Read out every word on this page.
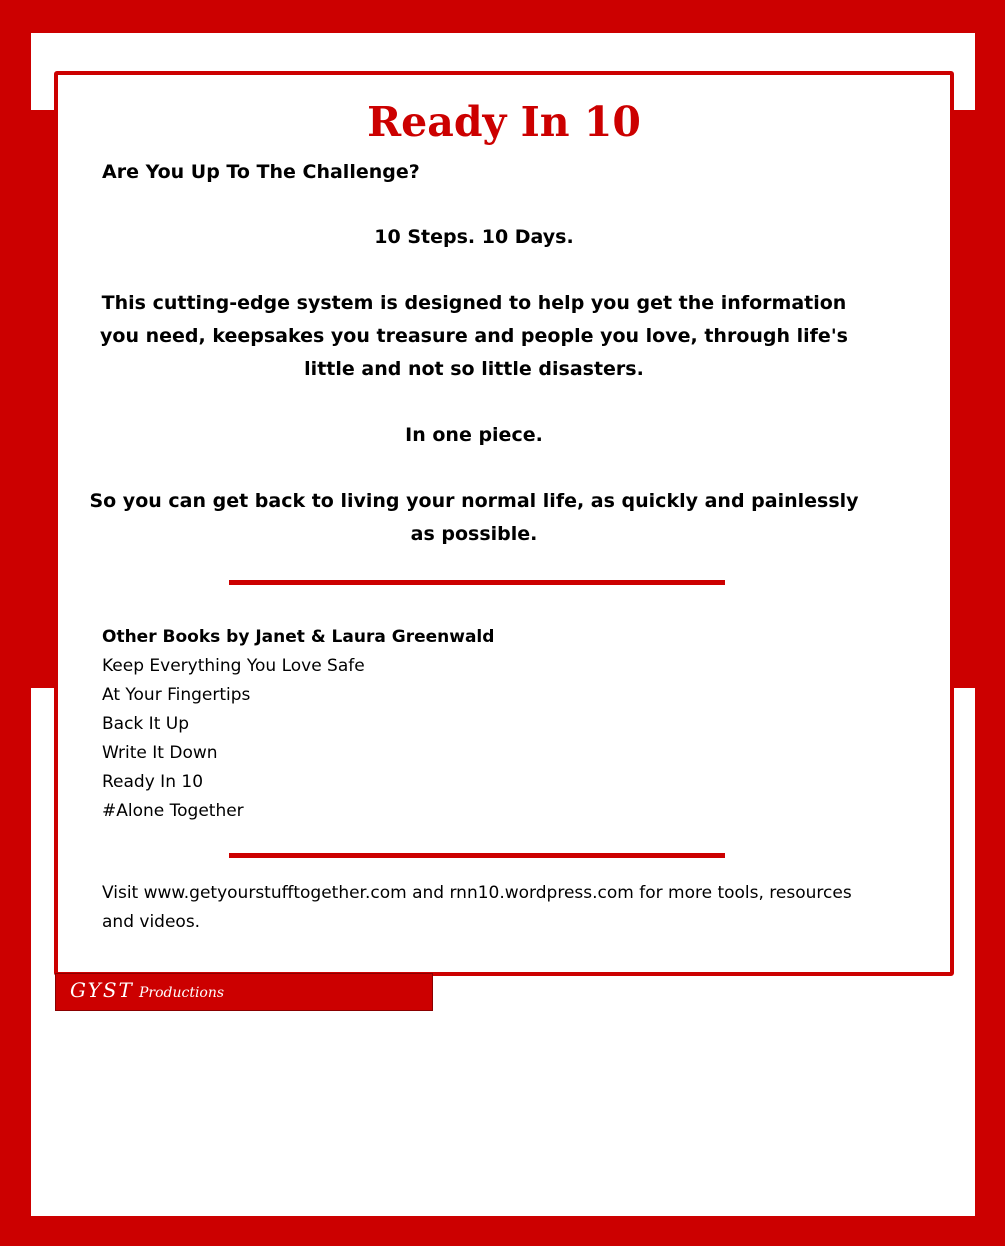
Ready In 10

Are You Up To The Challenge?

10 Steps. 10 Days.

This cutting-edge system is designed to help you get the information you need, keepsakes you treasure and people you love, through life's little and not so little disasters.

In one piece.

So you can get back to living your normal life, as quickly and painlessly as possible.

Other Books by Janet & Laura Greenwald
Keep Everything You Love Safe
At Your Fingertips
Back It Up
Write It Down
Ready In 10
#Alone Together

Visit www.getyourstufftogether.com and rnn10.wordpress.com for more tools, resources and videos.

GYST Productions
